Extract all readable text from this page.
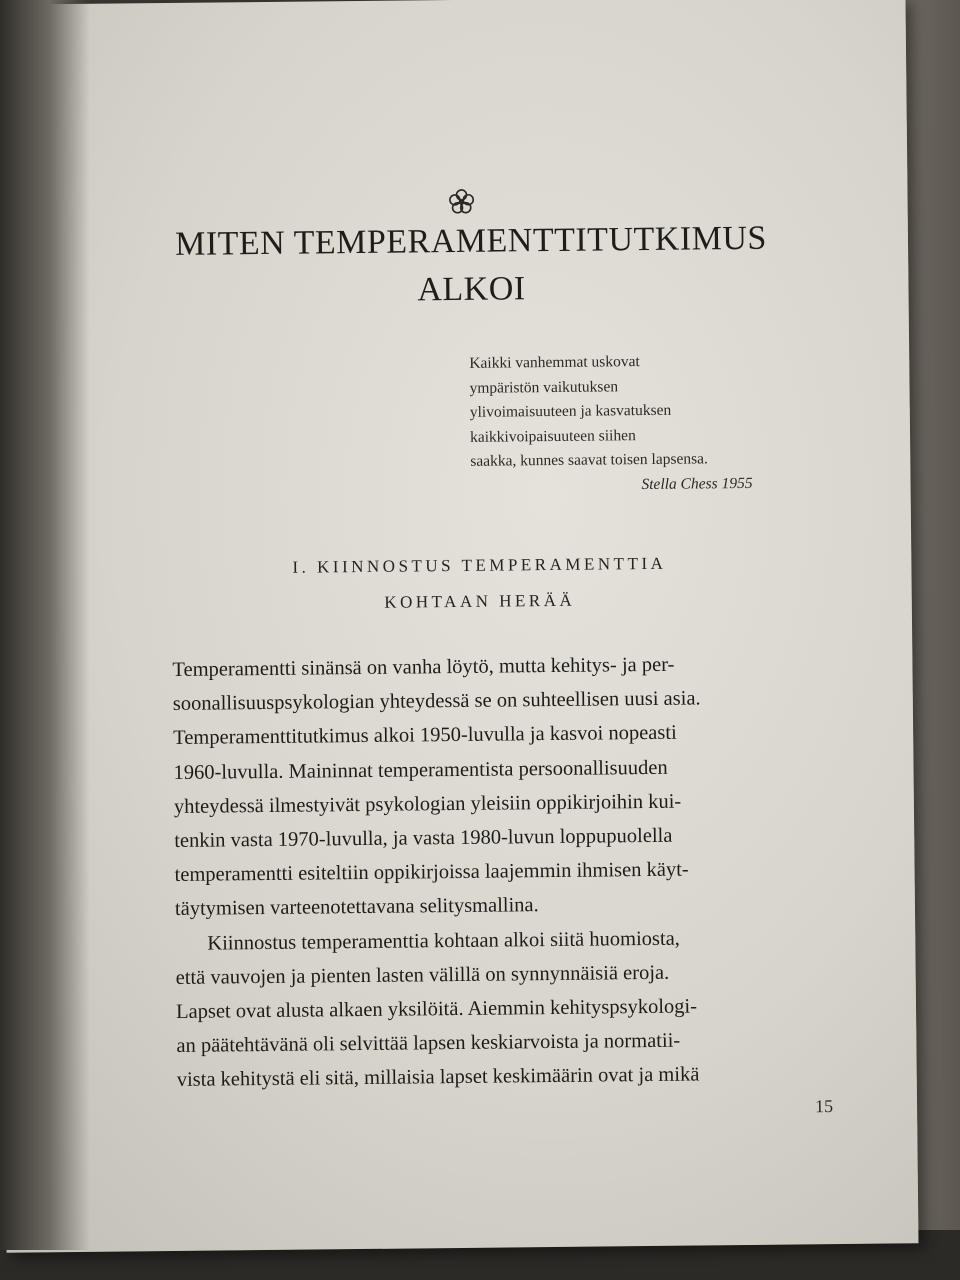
MITEN TEMPERAMENTTITUTKIMUS
ALKOI
Kaikki vanhemmat uskovat
ympäristön vaikutuksen
ylivoimaisuuteen ja kasvatuksen
kaikkivoipaisuuteen siihen
saakka, kunnes saavat toisen lapsensa.
Stella Chess 1955
I. KIINNOSTUS TEMPERAMENTTIA
KOHTAAN HERÄÄ
Temperamentti sinänsä on vanha löytö, mutta kehitys- ja per-
soonallisuuspsykologian yhteydessä se on suhteellisen uusi asia.
Temperamenttitutkimus alkoi 1950-luvulla ja kasvoi nopeasti
1960-luvulla. Maininnat temperamentista persoonallisuuden
yhteydessä ilmestyivät psykologian yleisiin oppikirjoihin kui-
tenkin vasta 1970-luvulla, ja vasta 1980-luvun loppupuolella
temperamentti esiteltiin oppikirjoissa laajemmin ihmisen käyt-
täytymisen varteenotettavana selitysmallina.
Kiinnostus temperamenttia kohtaan alkoi siitä huomiosta,
että vauvojen ja pienten lasten välillä on synnynnäisiä eroja.
Lapset ovat alusta alkaen yksilöitä. Aiemmin kehityspsykologi-
an päätehtävänä oli selvittää lapsen keskiarvoista ja normatii-
vista kehitystä eli sitä, millaisia lapset keskimäärin ovat ja mikä
15
